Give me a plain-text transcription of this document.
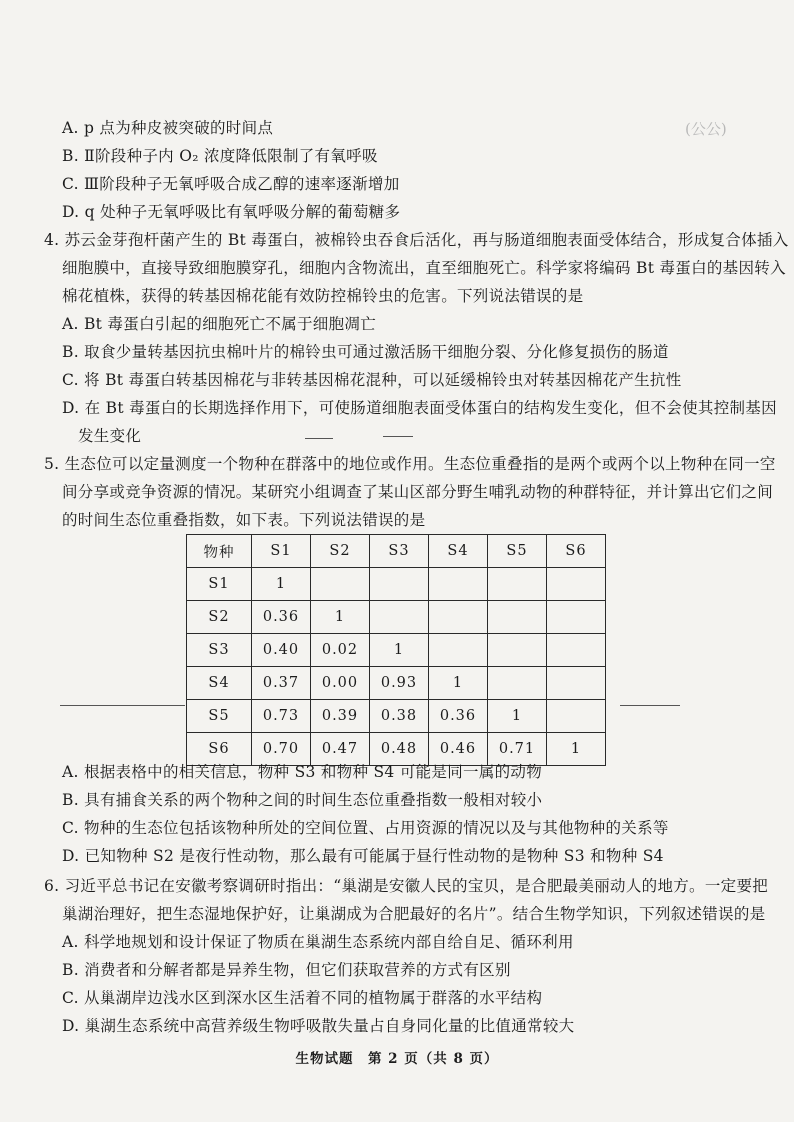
(公公)
A. p 点为种皮被突破的时间点
B. Ⅱ阶段种子内 O₂ 浓度降低限制了有氧呼吸
C. Ⅲ阶段种子无氧呼吸合成乙醇的速率逐渐增加
D. q 处种子无氧呼吸比有氧呼吸分解的葡萄糖多
4. 苏云金芽孢杆菌产生的 Bt 毒蛋白，被棉铃虫吞食后活化，再与肠道细胞表面受体结合，形成复合体插入
细胞膜中，直接导致细胞膜穿孔，细胞内含物流出，直至细胞死亡。科学家将编码 Bt 毒蛋白的基因转入
棉花植株，获得的转基因棉花能有效防控棉铃虫的危害。下列说法错误的是
A. Bt 毒蛋白引起的细胞死亡不属于细胞凋亡
B. 取食少量转基因抗虫棉叶片的棉铃虫可通过激活肠干细胞分裂、分化修复损伤的肠道
C. 将 Bt 毒蛋白转基因棉花与非转基因棉花混种，可以延缓棉铃虫对转基因棉花产生抗性
D. 在 Bt 毒蛋白的长期选择作用下，可使肠道细胞表面受体蛋白的结构发生变化，但不会使其控制基因
发生变化
5. 生态位可以定量测度一个物种在群落中的地位或作用。生态位重叠指的是两个或两个以上物种在同一空
间分享或竞争资源的情况。某研究小组调查了某山区部分野生哺乳动物的种群特征，并计算出它们之间
的时间生态位重叠指数，如下表。下列说法错误的是
物种	S1	S2	S3	S4	S5	S6
S1	1					
S2	0.36	1				
S3	0.40	0.02	1			
S4	0.37	0.00	0.93	1		
S5	0.73	0.39	0.38	0.36	1	
S6	0.70	0.47	0.48	0.46	0.71	1
A. 根据表格中的相关信息，物种 S3 和物种 S4 可能是同一属的动物
B. 具有捕食关系的两个物种之间的时间生态位重叠指数一般相对较小
C. 物种的生态位包括该物种所处的空间位置、占用资源的情况以及与其他物种的关系等
D. 已知物种 S2 是夜行性动物，那么最有可能属于昼行性动物的是物种 S3 和物种 S4
6. 习近平总书记在安徽考察调研时指出：“巢湖是安徽人民的宝贝，是合肥最美丽动人的地方。一定要把
巢湖治理好，把生态湿地保护好，让巢湖成为合肥最好的名片”。结合生物学知识，下列叙述错误的是
A. 科学地规划和设计保证了物质在巢湖生态系统内部自给自足、循环利用
B. 消费者和分解者都是异养生物，但它们获取营养的方式有区别
C. 从巢湖岸边浅水区到深水区生活着不同的植物属于群落的水平结构
D. 巢湖生态系统中高营养级生物呼吸散失量占自身同化量的比值通常较大
生物试题　第 2 页（共 8 页）
